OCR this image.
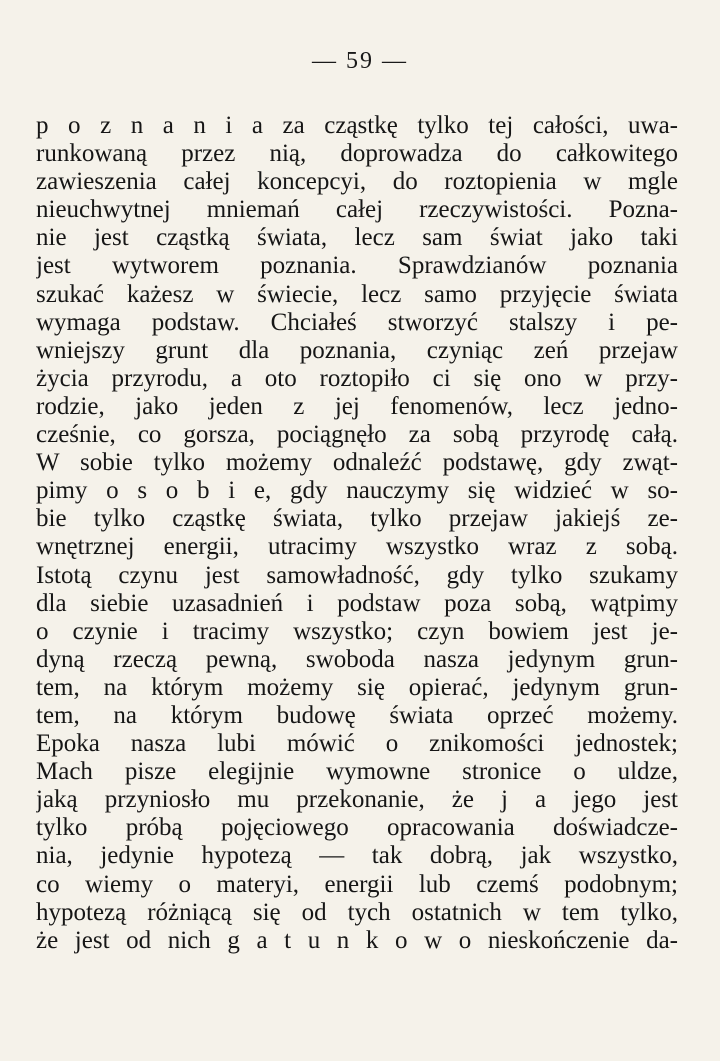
— 59 —
p o z n a n i a za cząstkę tylko tej całości, uwa-
runkowaną przez nią, doprowadza do całkowitego
zawieszenia całej koncepcyi, do roztopienia w mgle
nieuchwytnej mniemań całej rzeczywistości. Pozna-
nie jest cząstką świata, lecz sam świat jako taki
jest wytworem poznania. Sprawdzianów poznania
szukać każesz w świecie, lecz samo przyjęcie świata
wymaga podstaw. Chciałeś stworzyć stalszy i pe-
wniejszy grunt dla poznania, czyniąc zeń przejaw
życia przyrodu, a oto roztopiło ci się ono w przy-
rodzie, jako jeden z jej fenomenów, lecz jedno-
cześnie, co gorsza, pociągnęło za sobą przyrodę całą.
W sobie tylko możemy odnaleźć podstawę, gdy zwąt-
pimy o s o b i e, gdy nauczymy się widzieć w so-
bie tylko cząstkę świata, tylko przejaw jakiejś ze-
wnętrznej energii, utracimy wszystko wraz z sobą.
Istotą czynu jest samowładność, gdy tylko szukamy
dla siebie uzasadnień i podstaw poza sobą, wątpimy
o czynie i tracimy wszystko; czyn bowiem jest je-
dyną rzeczą pewną, swoboda nasza jedynym grun-
tem, na którym możemy się opierać, jedynym grun-
tem, na którym budowę świata oprzeć możemy.
Epoka nasza lubi mówić o znikomości jednostek;
Mach pisze elegijnie wymowne stronice o uldze,
jaką przyniosło mu przekonanie, że j a jego jest
tylko próbą pojęciowego opracowania doświadcze-
nia, jedynie hypotezą — tak dobrą, jak wszystko,
co wiemy o materyi, energii lub czemś podobnym;
hypotezą różniącą się od tych ostatnich w tem tylko,
że jest od nich g a t u n k o w o nieskończenie da-
